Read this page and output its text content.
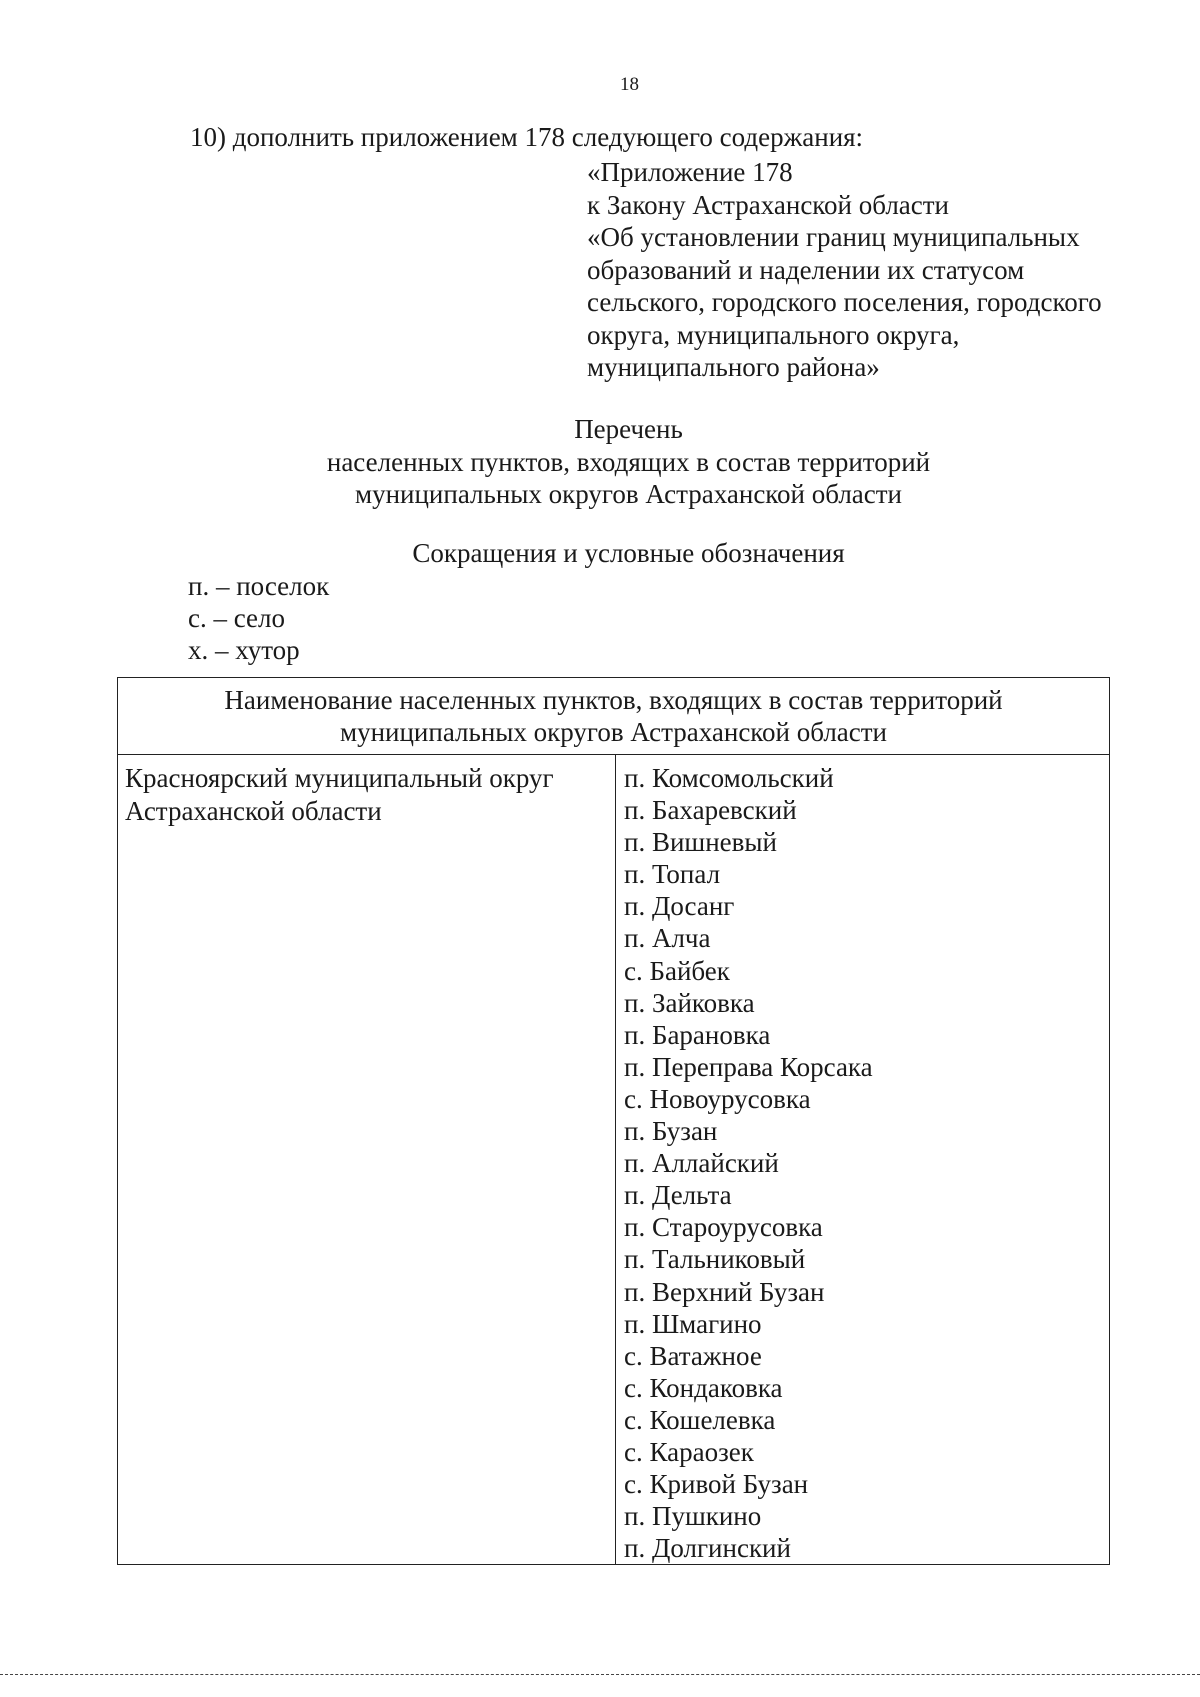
18
10) дополнить приложением 178 следующего содержания:
«Приложение 178
к Закону Астраханской области
«Об установлении границ муниципальных
образований и наделении их статусом
сельского, городского поселения, городского
округа, муниципального округа,
муниципального района»
Перечень
населенных пунктов, входящих в состав территорий
муниципальных округов Астраханской области
Сокращения и условные обозначения
п. – поселок
с. – село
х. – хутор
Наименование населенных пунктов, входящих в состав территорий
муниципальных округов Астраханской области
Красноярский муниципальный округ
Астраханской области
п. Комсомольский
п. Бахаревский
п. Вишневый
п. Топал
п. Досанг
п. Алча
с. Байбек
п. Зайковка
п. Барановка
п. Переправа Корсака
с. Новоурусовка
п. Бузан
п. Аллайский
п. Дельта
п. Староурусовка
п. Тальниковый
п. Верхний Бузан
п. Шмагино
с. Ватажное
с. Кондаковка
с. Кошелевка
с. Караозек
с. Кривой Бузан
п. Пушкино
п. Долгинский
